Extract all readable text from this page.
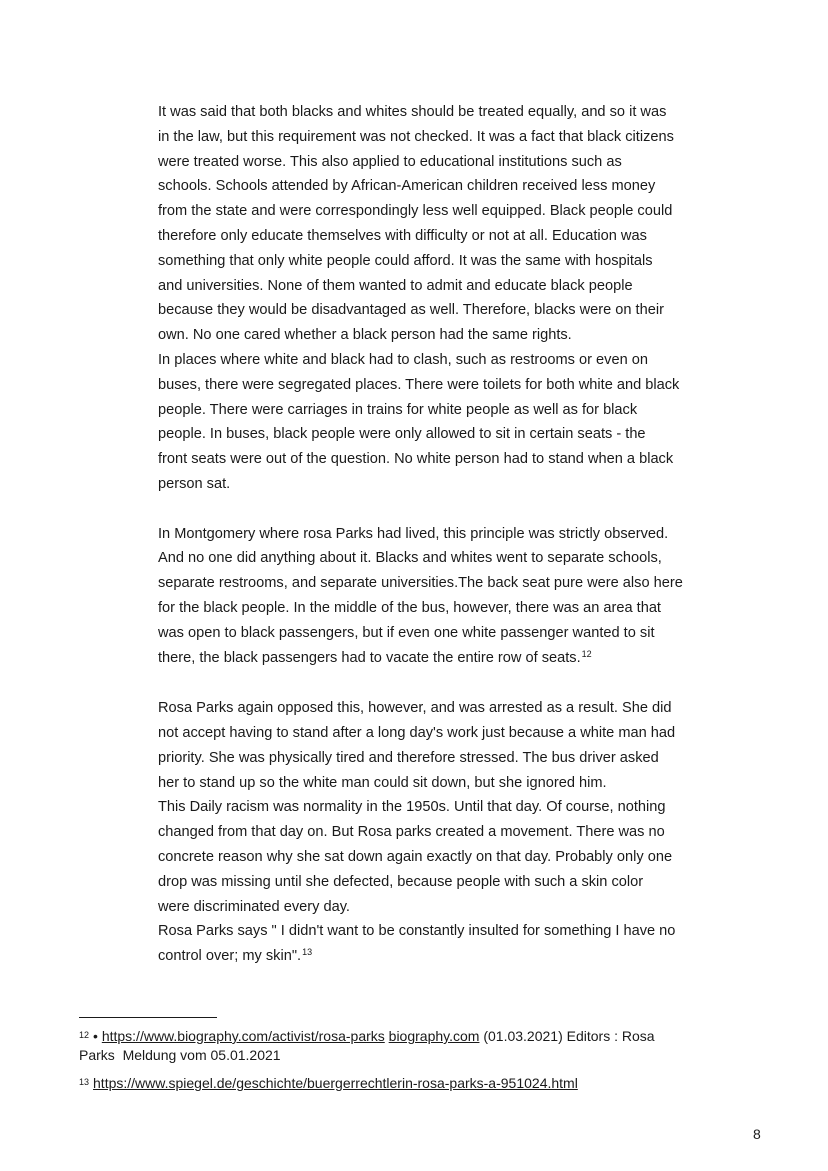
It was said that both blacks and whites should be treated equally, and so it was

in the law, but this requirement was not checked. It was a fact that black citizens

were treated worse. This also applied to educational institutions such as

schools. Schools attended by African-American children received less money

from the state and were correspondingly less well equipped. Black people could

therefore only educate themselves with difficulty or not at all. Education was

something that only white people could afford. It was the same with hospitals

and universities. None of them wanted to admit and educate black people

because they would be disadvantaged as well. Therefore, blacks were on their

own. No one cared whether a black person had the same rights.

In places where white and black had to clash, such as restrooms or even on

buses, there were segregated places. There were toilets for both white and black

people. There were carriages in trains for white people as well as for black

people. In buses, black people were only allowed to sit in certain seats - the

front seats were out of the question. No white person had to stand when a black

person sat.

In Montgomery where rosa Parks had lived, this principle was strictly observed.

And no one did anything about it. Blacks and whites went to separate schools,

separate restrooms, and separate universities.The back seat pure were also here

for the black people. In the middle of the bus, however, there was an area that

was open to black passengers, but if even one white passenger wanted to sit

there, the black passengers had to vacate the entire row of seats.$^{12}$

Rosa Parks again opposed this, however, and was arrested as a result. She did

not accept having to stand after a long day's work just because a white man had

priority. She was physically tired and therefore stressed. The bus driver asked

her to stand up so the white man could sit down, but she ignored him.

This Daily racism was normality in the 1950s. Until that day. Of course, nothing

changed from that day on. But Rosa parks created a movement. There was no

concrete reason why she sat down again exactly on that day. Probably only one

drop was missing until she defected, because people with such a skin color

were discriminated every day.

Rosa Parks says " I didn't want to be constantly insulted for something I have no

control over; my skin".$^{13}$

$^{12}$ • https://www.biography.com/activist/rosa-parks biography.com (01.03.2021) Editors : Rosa
Parks  Meldung vom 05.01.2021
$^{13}$ https://www.spiegel.de/geschichte/buergerrechtlerin-rosa-parks-a-951024.html
8
